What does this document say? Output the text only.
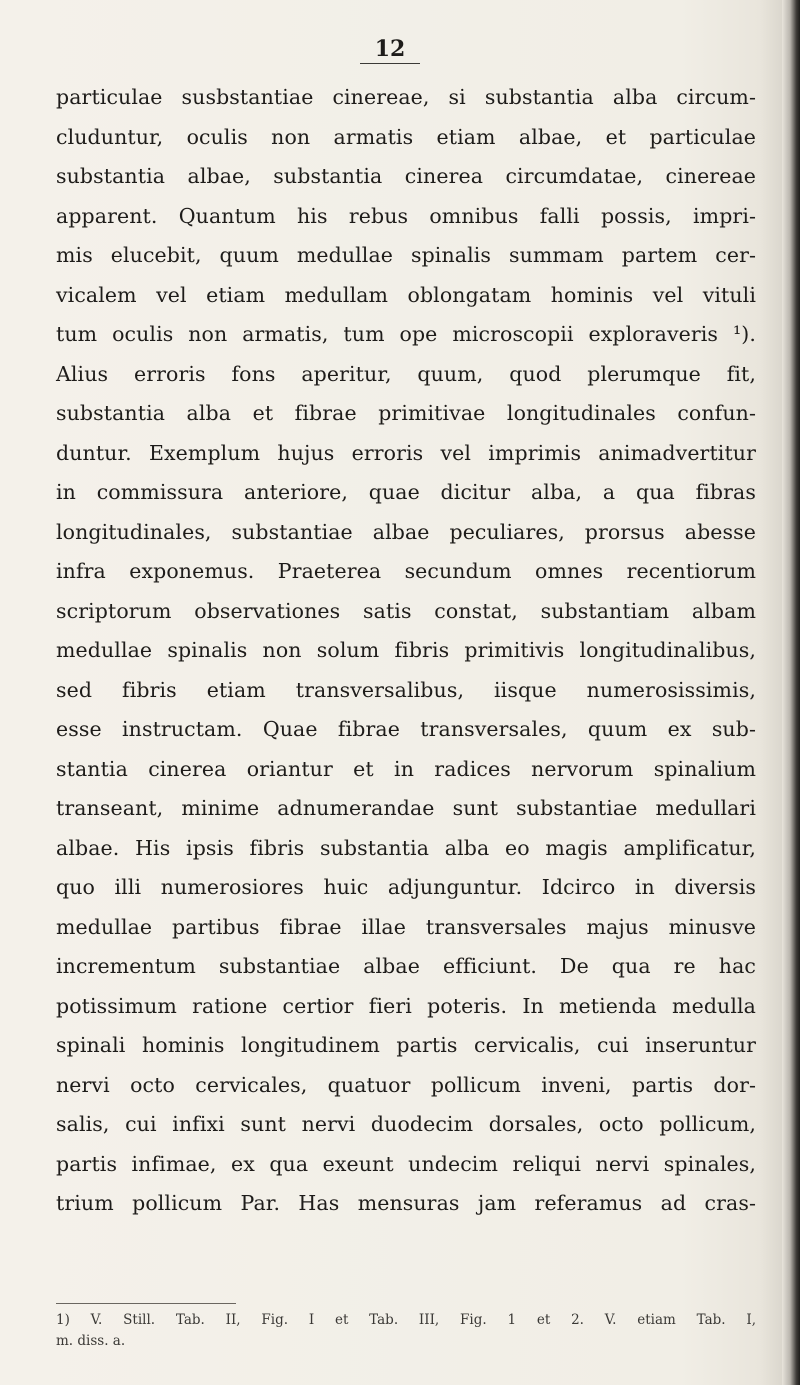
12
particulae susbstantiae cinereae, si substantia alba circum-
cluduntur, oculis non armatis etiam albae, et particulae
substantia albae, substantia cinerea circumdatae, cinereae
apparent. Quantum his rebus omnibus falli possis, impri-
mis elucebit, quum medullae spinalis summam partem cer-
vicalem vel etiam medullam oblongatam hominis vel vituli
tum oculis non armatis, tum ope microscopii exploraveris ¹).
Alius erroris fons aperitur, quum, quod plerumque fit,
substantia alba et fibrae primitivae longitudinales confun-
duntur. Exemplum hujus erroris vel imprimis animadvertitur
in commissura anteriore, quae dicitur alba, a qua fibras
longitudinales, substantiae albae peculiares, prorsus abesse
infra exponemus. Praeterea secundum omnes recentiorum
scriptorum observationes satis constat, substantiam albam
medullae spinalis non solum fibris primitivis longitudinalibus,
sed fibris etiam transversalibus, iisque numerosissimis,
esse instructam. Quae fibrae transversales, quum ex sub-
stantia cinerea oriantur et in radices nervorum spinalium
transeant, minime adnumerandae sunt substantiae medullari
albae. His ipsis fibris substantia alba eo magis amplificatur,
quo illi numerosiores huic adjunguntur. Idcirco in diversis
medullae partibus fibrae illae transversales majus minusve
incrementum substantiae albae efficiunt. De qua re hac
potissimum ratione certior fieri poteris. In metienda medulla
spinali hominis longitudinem partis cervicalis, cui inseruntur
nervi octo cervicales, quatuor pollicum inveni, partis dor-
salis, cui infixi sunt nervi duodecim dorsales, octo pollicum,
partis infimae, ex qua exeunt undecim reliqui nervi spinales,
trium pollicum Par. Has mensuras jam referamus ad cras-
1) V. Still. Tab. II, Fig. I et Tab. III, Fig. 1 et 2. V. etiam Tab. I,
m. diss. a.
